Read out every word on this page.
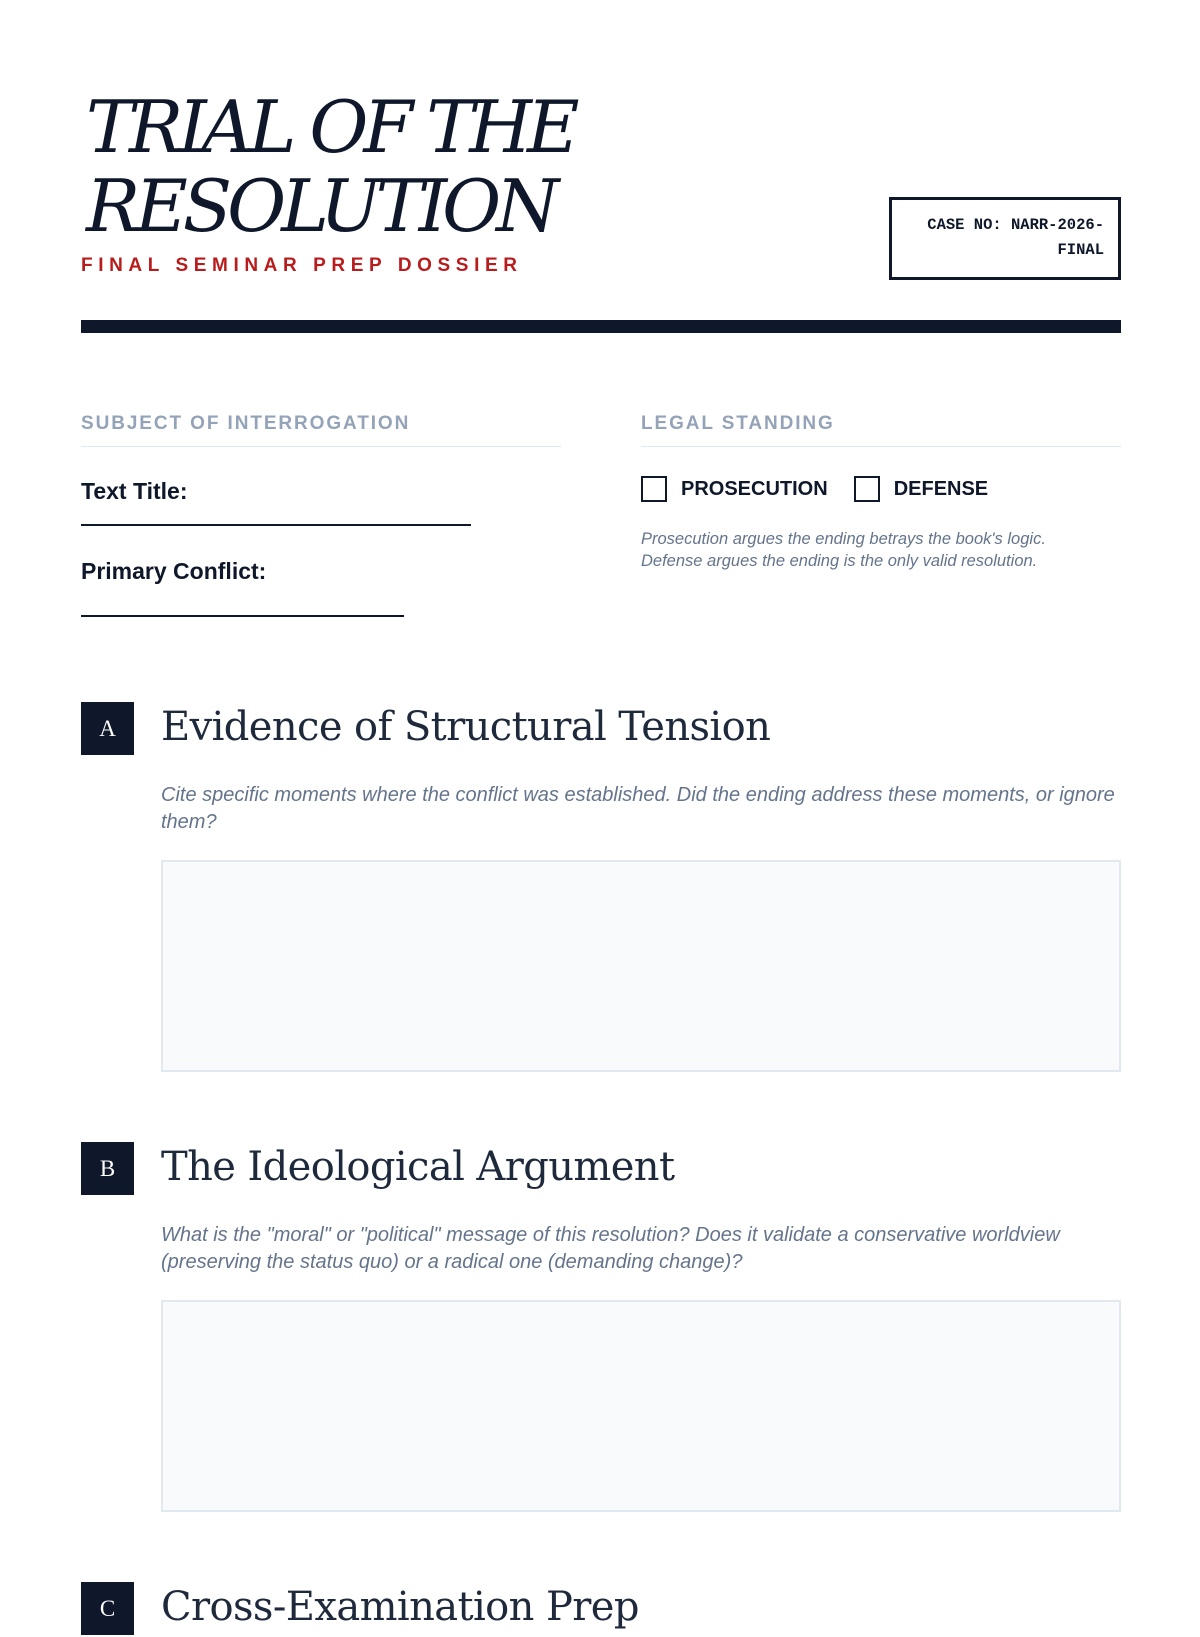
TRIAL OF THE
RESOLUTION
FINAL SEMINAR PREP DOSSIER
CASE NO: NARR-2026-
FINAL
SUBJECT OF INTERROGATION
Text Title:
Primary Conflict:
LEGAL STANDING
PROSECUTION	DEFENSE
Prosecution argues the ending betrays the book's logic.
Defense argues the ending is the only valid resolution.
A	Evidence of Structural Tension
Cite specific moments where the conflict was established. Did the ending address these moments, or ignore them?
B	The Ideological Argument
What is the "moral" or "political" message of this resolution? Does it validate a conservative worldview (preserving the status quo) or a radical one (demanding change)?
C	Cross-Examination Prep
